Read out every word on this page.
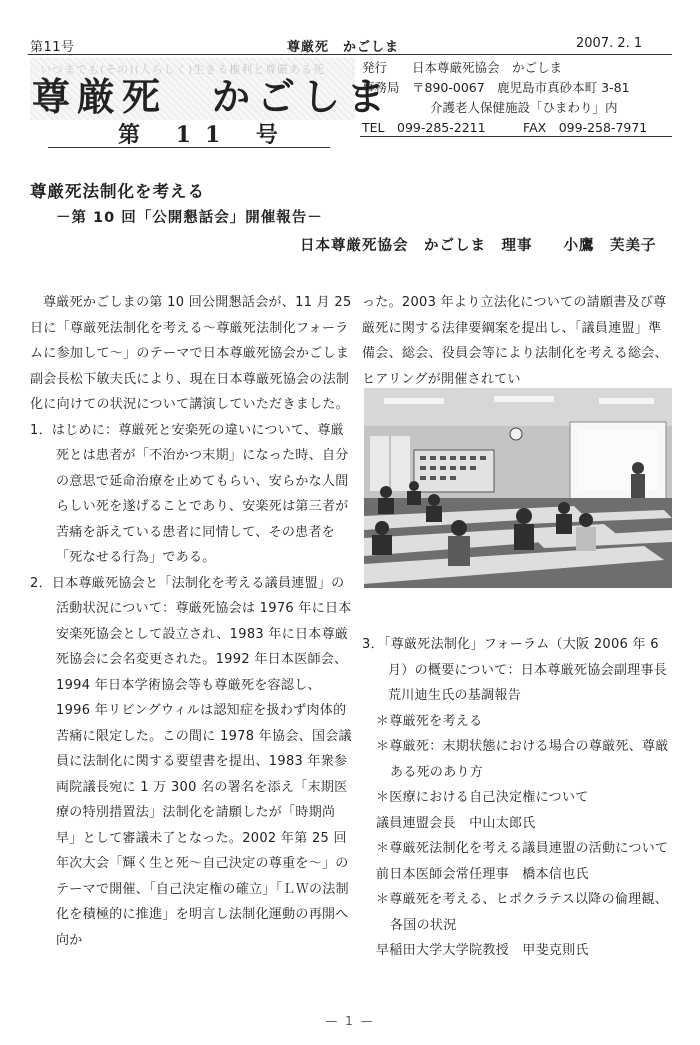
第11号	尊厳死　かごしま	2007. 2. 1
いつまでも(その)(人らしく)生きる権利と尊厳ある死
尊厳死　かごしま
第 11 号
発行　　日本尊厳死協会　かごしま
事務局　〒890-0067　鹿児島市真砂本町 3-81
介護老人保健施設「ひまわり」内
TEL　099-285-2211　　　FAX　099-258-7971
尊厳死法制化を考える
－第 10 回「公開懇話会」開催報告－
日本尊厳死協会　かごしま　理事　　小鷹　芙美子

尊厳死かごしまの第 10 回公開懇話会が、11 月 25 日に「尊厳死法制化を考える～尊厳死法制化フォーラムに参加して～」のテーマで日本尊厳死協会かごしま副会長松下敏夫氏により、現在日本尊厳死協会の法制化に向けての状況について講演していただきました。

1．はじめに：尊厳死と安楽死の違いについて、尊厳死とは患者が「不治かつ末期」になった時、自分の意思で延命治療を止めてもらい、安らかな人間らしい死を遂げることであり、安楽死は第三者が苦痛を訴えている患者に同情して、その患者を「死なせる行為」である。

2．日本尊厳死協会と「法制化を考える議員連盟」の活動状況について：尊厳死協会は 1976 年に日本安楽死協会として設立され、1983 年に日本尊厳死協会に会名変更された。1992 年日本医師会、1994 年日本学術協会等も尊厳死を容認し、1996 年リビングウィルは認知症を扱わず肉体的苦痛に限定した。この間に 1978 年協会、国会議員に法制化に関する要望書を提出、1983 年衆参両院議長宛に 1 万 300 名の署名を添え「末期医療の特別措置法」法制化を請願したが「時期尚早」として審議未了となった。2002 年第 25 回年次大会「輝く生と死～自己決定の尊重を～」のテーマで開催、「自己決定権の確立」「ＬＷの法制化を積極的に推進」を明言し法制化運動の再開へ向か

った。2003 年より立法化についての請願書及び尊厳死に関する法律要綱案を提出し、「議員連盟」準備会、総会、役員会等により法制化を考える総会、ヒアリングが開催されてい

3．「尊厳死法制化」フォーラム（大阪 2006 年 6 月）の概要について：日本尊厳死協会副理事長　荒川迪生氏の基調報告

＊尊厳死を考える

＊尊厳死：末期状態における場合の尊厳死、尊厳ある死のあり方

＊医療における自己決定権について

議員連盟会長　中山太郎氏

＊尊厳死法制化を考える議員連盟の活動について

前日本医師会常任理事　橋本信也氏

＊尊厳死を考える、ヒポクラテス以降の倫理観、各国の状況

早稲田大学大学院教授　甲斐克則氏

— 1 —
